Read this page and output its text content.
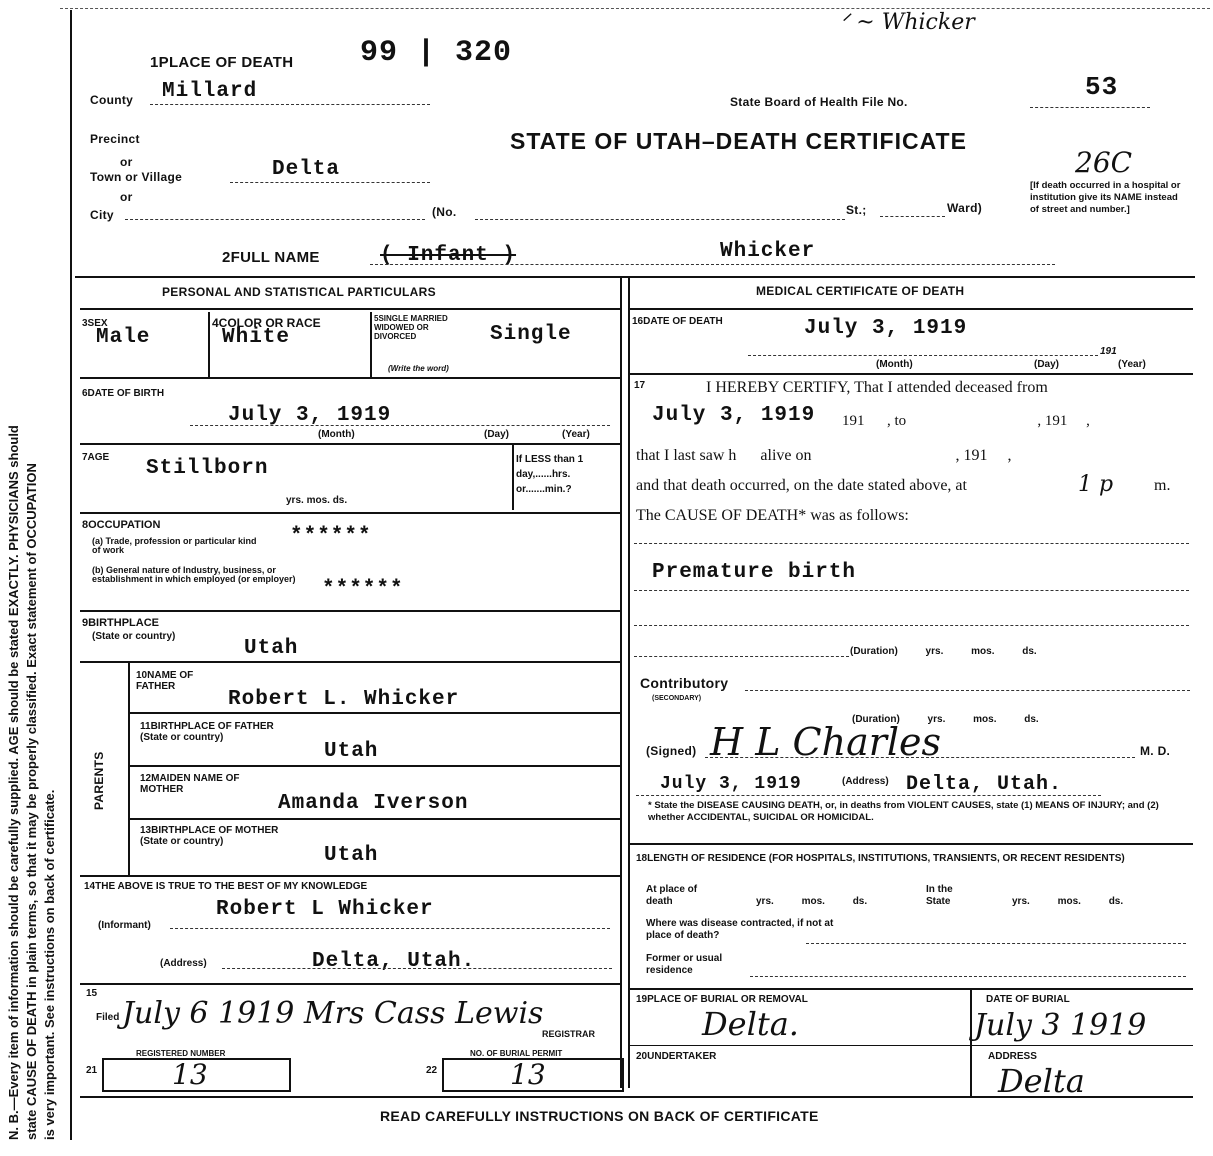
N. B.—Every item of information should be carefully supplied. AGE should be stated EXACTLY. PHYSICIANS should state CAUSE OF DEATH in plain terms, so that it may be properly classified. Exact statement of OCCUPATION is very important. See instructions on back of certificate.
99 | 320
ᐟ ~ Whicker
1PLACE OF DEATH
County Millard
Precinct
or
Town or Village	Delta
or
City	(No.	St.;	Ward)
[If death occurred in a hospital or institution give its NAME instead of street and number.]
State Board of Health File No.	53
STATE OF UTAH–DEATH CERTIFICATE
26C
2FULL NAME	( Infant )	Whicker
PERSONAL AND STATISTICAL PARTICULARS	MEDICAL CERTIFICATE OF DEATH
3SEX
Male
4COLOR OR RACE
White
5SINGLE MARRIED WIDOWED OR DIVORCED
(Write the word)
Single
6DATE OF BIRTH
July 3, 1919
(Month)	(Day)	(Year)
7AGE Stillborn
yrs. mos. ds.
If LESS than 1 day,......hrs. or.......min.?
8OCCUPATION
(a) Trade, profession or particular kind of work
******
(b) General nature of Industry, business, or establishment in which employed (or employer)	******
9BIRTHPLACE
(State or country)
Utah
PARENTS
10NAME OF FATHER
Robert L. Whicker
11BIRTHPLACE OF FATHER (State or country)
Utah
12MAIDEN NAME OF MOTHER
Amanda Iverson
13BIRTHPLACE OF MOTHER (State or country)
Utah
14THE ABOVE IS TRUE TO THE BEST OF MY KNOWLEDGE
Robert L Whicker
(Informant)
(Address)	Delta, Utah.
15
Filed July 6 1919 Mrs Cass Lewis
REGISTRAR
REGISTERED NUMBER
21	13
NO. OF BURIAL PERMIT
22	13
16DATE OF DEATH	July 3, 1919
191
(Month)	(Day)	(Year)
17	I HEREBY CERTIFY, That I attended deceased from
July 3, 1919 191      , to                                   , 191     ,
that I last saw h      alive on                                    , 191     ,
and that death occurred, on the date stated above, at	1 p	m.
The CAUSE OF DEATH* was as follows:
Premature birth
(Duration)          yrs.          mos.          ds.
Contributory
(SECONDARY)
(Duration)          yrs.          mos.          ds.
(Signed) H L Charles	M. D.
July 3, 1919	(Address) Delta, Utah.
* State the DISEASE CAUSING DEATH, or, in deaths from VIOLENT CAUSES, state (1) MEANS OF INJURY; and (2) whether ACCIDENTAL, SUICIDAL OR HOMICIDAL.
18LENGTH OF RESIDENCE (FOR HOSPITALS, INSTITUTIONS, TRANSIENTS, OR RECENT RESIDENTS)
At place of death	yrs.          mos.          ds.
In the State	yrs.          mos.          ds.
Where was disease contracted, if not at place of death?
Former or usual residence
19PLACE OF BURIAL OR REMOVAL
Delta.
DATE OF BURIAL
July 3 1919
20UNDERTAKER	ADDRESS
Delta
READ CAREFULLY INSTRUCTIONS ON BACK OF CERTIFICATE
